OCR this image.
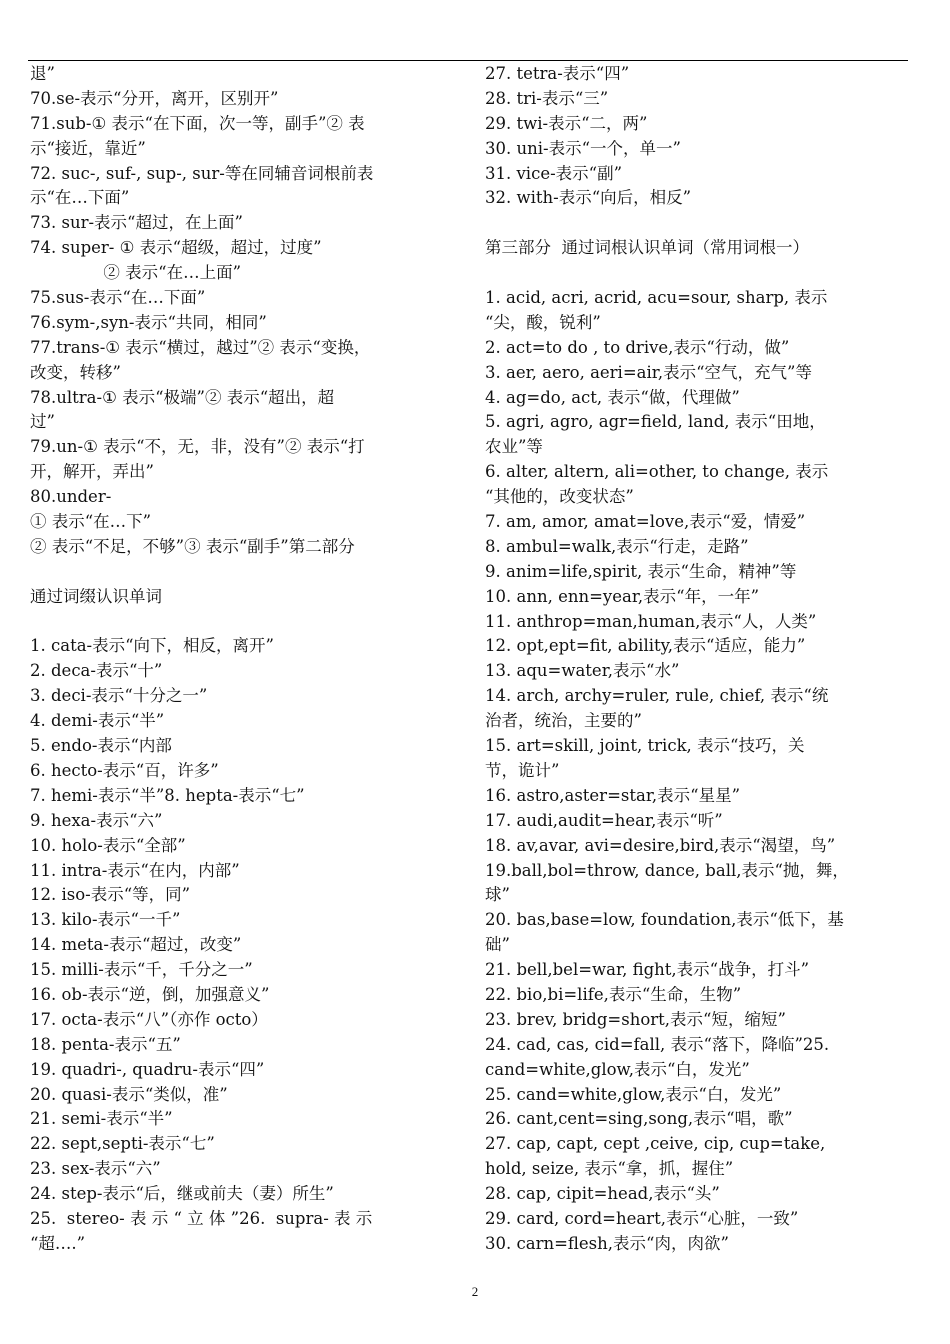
退”
70.se-表示“分开，离开，区别开”
71.sub-① 表示“在下面，次一等，副手”② 表
示“接近，靠近”
72. suc-, suf-, sup-, sur-等在同辅音词根前表
示“在…下面”
73. sur-表示“超过，在上面”
74. super- ① 表示“超级，超过，过度”
② 表示“在…上面”
75.sus-表示“在…下面”
76.sym-,syn-表示“共同，相同”
77.trans-① 表示“横过，越过”② 表示“变换，
改变，转移”
78.ultra-① 表示“极端”② 表示“超出，超
过”
79.un-① 表示“不，无，非，没有”② 表示“打
开，解开，弄出”
80.under-
① 表示“在…下”
② 表示“不足，不够”③ 表示“副手”第二部分
通过词缀认识单词
1. cata-表示“向下，相反，离开”
2. deca-表示“十”
3. deci-表示“十分之一”
4. demi-表示“半”
5. endo-表示“内部
6. hecto-表示“百，许多”
7. hemi-表示“半”8. hepta-表示“七”
9. hexa-表示“六”
10. holo-表示“全部”
11. intra-表示“在内，内部”
12. iso-表示“等，同”
13. kilo-表示“一千”
14. meta-表示“超过，改变”
15. milli-表示“千，千分之一”
16. ob-表示“逆，倒，加强意义”
17. octa-表示“八”（亦作 octo）
18. penta-表示“五”
19. quadri-, quadru-表示“四”
20. quasi-表示“类似，准”
21. semi-表示“半”
22. sept,septi-表示“七”
23. sex-表示“六”
24. step-表示“后，继或前夫（妻）所生”
25.  stereo- 表 示 “ 立 体 ”26.  supra- 表 示
“超….”
27. tetra-表示“四”
28. tri-表示“三”
29. twi-表示“二，两”
30. uni-表示“一个，单一”
31. vice-表示“副”
32. with-表示“向后，相反”
第三部分  通过词根认识单词（常用词根一）
1. acid, acri, acrid, acu=sour, sharp, 表示
“尖，酸，锐利”
2. act=to do , to drive,表示“行动，做”
3. aer, aero, aeri=air,表示“空气，充气”等
4. ag=do, act, 表示“做，代理做”
5. agri, agro, agr=field, land, 表示“田地，
农业”等
6. alter, altern, ali=other, to change, 表示
“其他的，改变状态”
7. am, amor, amat=love,表示“爱，情爱”
8. ambul=walk,表示“行走，走路”
9. anim=life,spirit, 表示“生命，精神”等
10. ann, enn=year,表示“年，一年”
11. anthrop=man,human,表示“人，人类”
12. opt,ept=fit, ability,表示“适应，能力”
13. aqu=water,表示“水”
14. arch, archy=ruler, rule, chief, 表示“统
治者，统治，主要的”
15. art=skill, joint, trick, 表示“技巧，关
节，诡计”
16. astro,aster=star,表示“星星”
17. audi,audit=hear,表示“听”
18. av,avar, avi=desire,bird,表示“渴望，鸟”
19.ball,bol=throw, dance, ball,表示“抛，舞，
球”
20. bas,base=low, foundation,表示“低下，基
础”
21. bell,bel=war, fight,表示“战争，打斗”
22. bio,bi=life,表示“生命，生物”
23. brev, bridg=short,表示“短，缩短”
24. cad, cas, cid=fall, 表示“落下，降临”25.
cand=white,glow,表示“白，发光”
25. cand=white,glow,表示“白，发光”
26. cant,cent=sing,song,表示“唱，歌”
27. cap, capt, cept ,ceive, cip, cup=take,
hold, seize, 表示“拿，抓，握住”
28. cap, cipit=head,表示“头”
29. card, cord=heart,表示“心脏，一致”
30. carn=flesh,表示“肉，肉欲”
2
